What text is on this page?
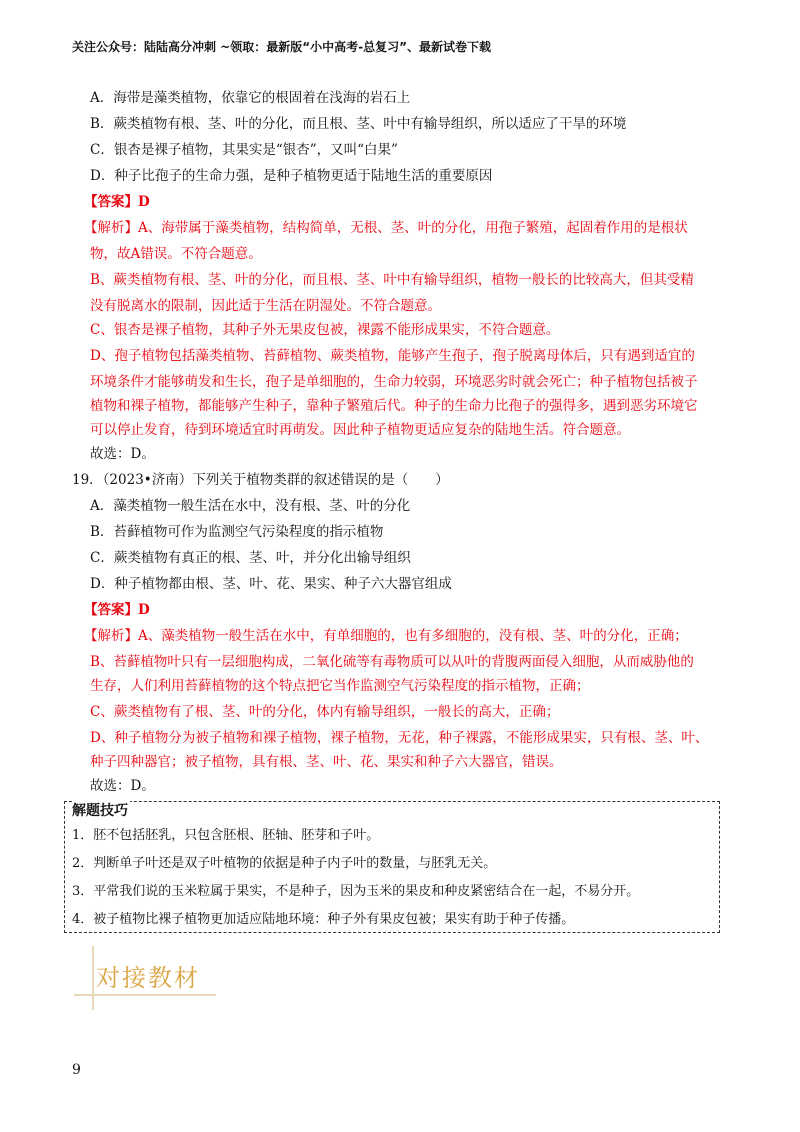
关注公众号：陆陆高分冲刺 ~领取：最新版“小中高考-总复习”、最新试卷下载
A．海带是藻类植物，依靠它的根固着在浅海的岩石上
B．蕨类植物有根、茎、叶的分化，而且根、茎、叶中有输导组织，所以适应了干旱的环境
C．银杏是裸子植物，其果实是“银杏”，又叫“白果”
D．种子比孢子的生命力强，是种子植物更适于陆地生活的重要原因
【答案】D
【解析】A、海带属于藻类植物，结构简单，无根、茎、叶的分化，用孢子繁殖，起固着作用的是根状
物，故A错误。不符合题意。
B、蕨类植物有根、茎、叶的分化，而且根、茎、叶中有输导组织，植物一般长的比较高大，但其受精
没有脱离水的限制，因此适于生活在阴湿处。不符合题意。
C、银杏是裸子植物，其种子外无果皮包被，裸露不能形成果实，不符合题意。
D、孢子植物包括藻类植物、苔藓植物、蕨类植物，能够产生孢子，孢子脱离母体后，只有遇到适宜的
环境条件才能够萌发和生长，孢子是单细胞的，生命力较弱，环境恶劣时就会死亡；种子植物包括被子
植物和裸子植物，都能够产生种子，靠种子繁殖后代。种子的生命力比孢子的强得多，遇到恶劣环境它
可以停止发育，待到环境适宜时再萌发。因此种子植物更适应复杂的陆地生活。符合题意。
故选：D。
19．（2023•济南）下列关于植物类群的叙述错误的是（　　）
A．藻类植物一般生活在水中，没有根、茎、叶的分化
B．苔藓植物可作为监测空气污染程度的指示植物
C．蕨类植物有真正的根、茎、叶，并分化出输导组织
D．种子植物都由根、茎、叶、花、果实、种子六大器官组成
【答案】D
【解析】A、藻类植物一般生活在水中，有单细胞的，也有多细胞的，没有根、茎、叶的分化，正确；
B、苔藓植物叶只有一层细胞构成，二氧化硫等有毒物质可以从叶的背腹两面侵入细胞，从而威胁他的
生存，人们利用苔藓植物的这个特点把它当作监测空气污染程度的指示植物，正确；
C、蕨类植物有了根、茎、叶的分化，体内有输导组织，一般长的高大，正确；
D、种子植物分为被子植物和裸子植物，裸子植物，无花，种子裸露，不能形成果实，只有根、茎、叶、
种子四种器官；被子植物，具有根、茎、叶、花、果实和种子六大器官，错误。
故选：D。
解题技巧
1．胚不包括胚乳，只包含胚根、胚轴、胚芽和子叶。
2．判断单子叶还是双子叶植物的依据是种子内子叶的数量，与胚乳无关。
3．平常我们说的玉米粒属于果实，不是种子，因为玉米的果皮和种皮紧密结合在一起，不易分开。
4．被子植物比裸子植物更加适应陆地环境：种子外有果皮包被；果实有助于种子传播。
对接教材
9
